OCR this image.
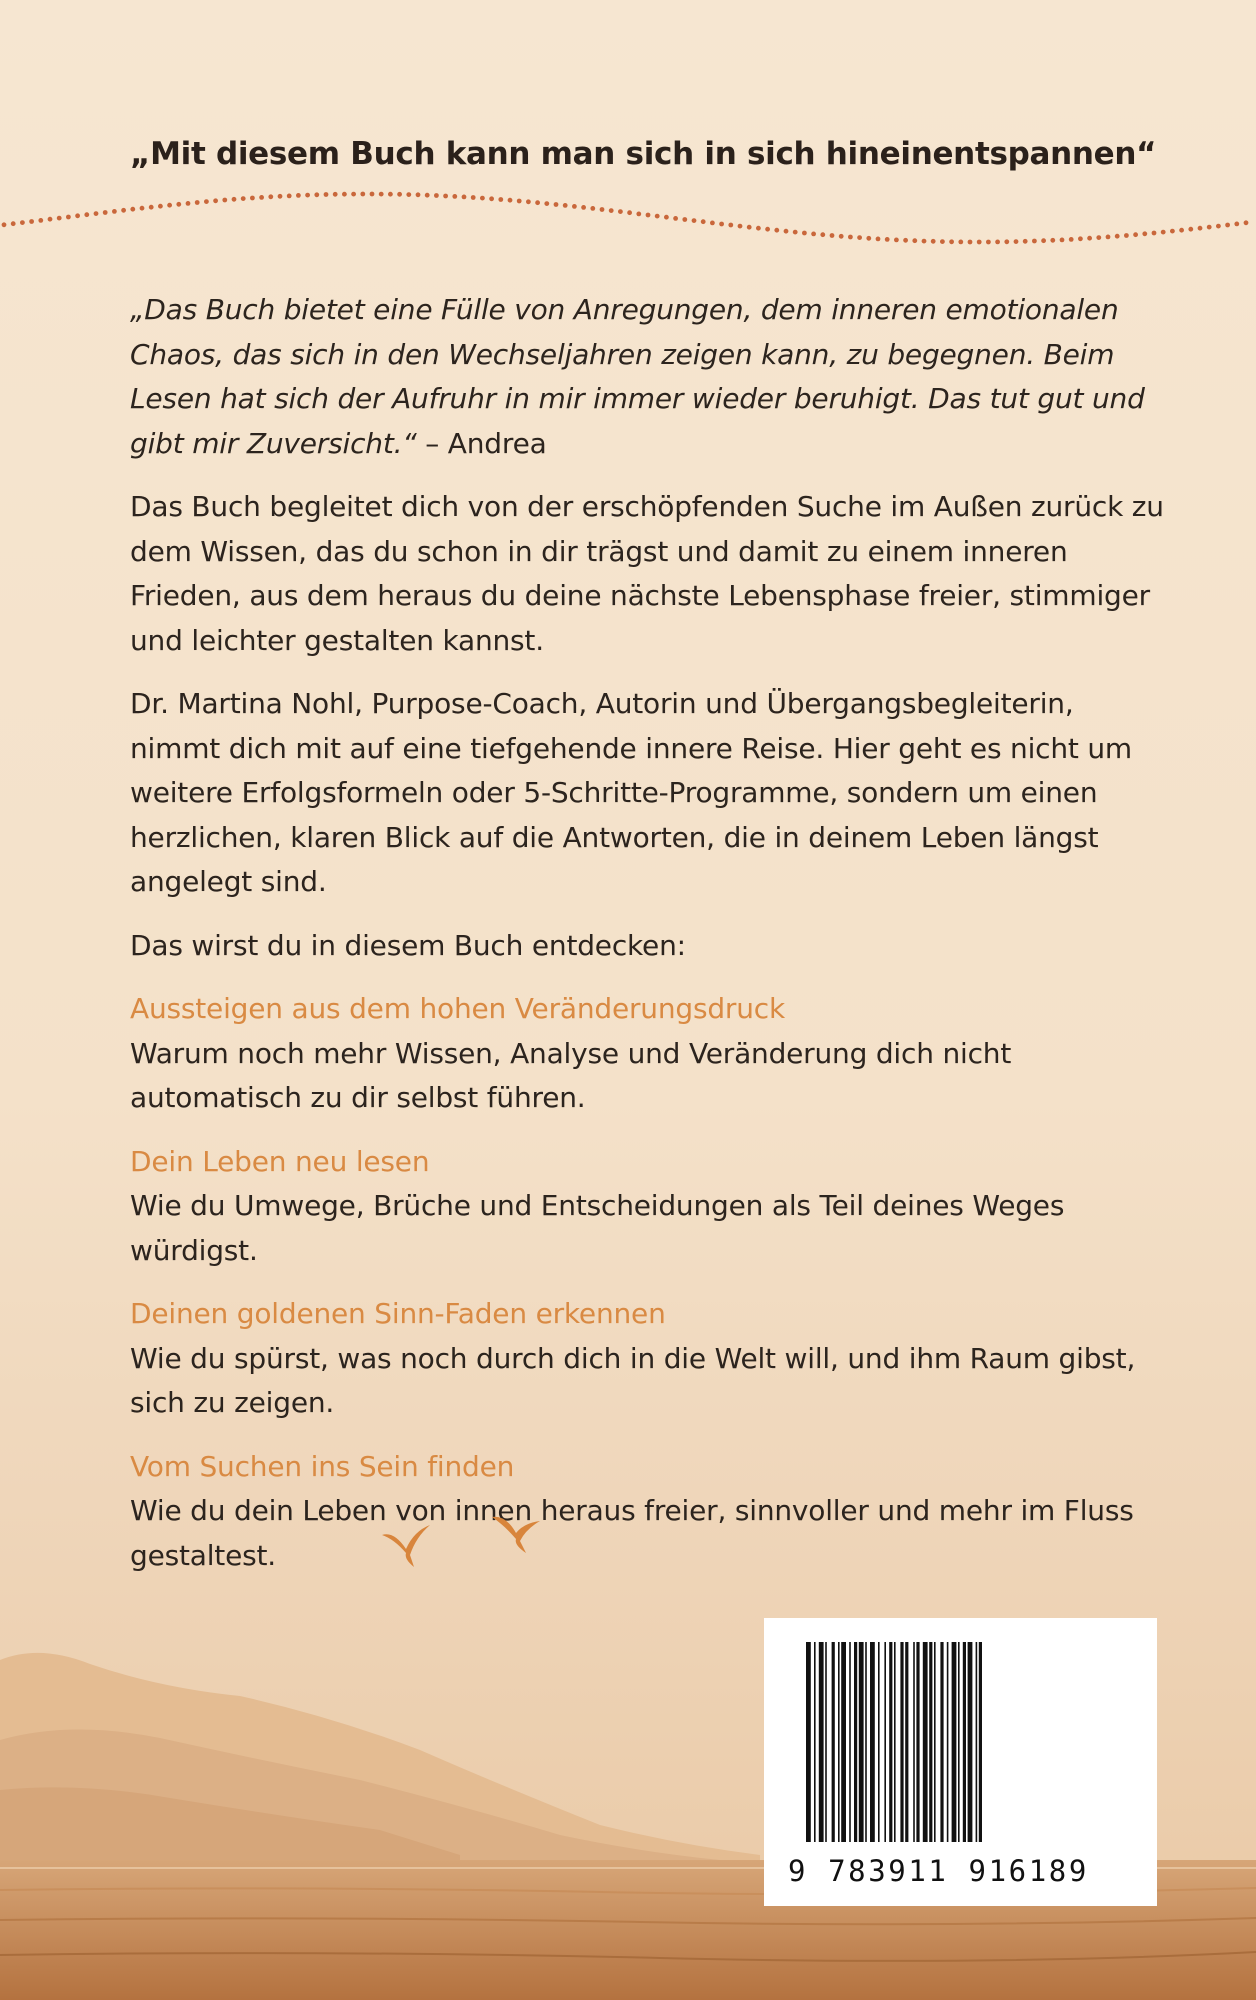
„Mit diesem Buch kann man sich in sich hineinentspannen“

„Das Buch bietet eine Fülle von Anregungen, dem inneren emotionalen Chaos, das sich in den Wechseljahren zeigen kann, zu begegnen. Beim Lesen hat sich der Aufruhr in mir immer wieder beruhigt. Das tut gut und gibt mir Zuversicht.“ – Andrea

Das Buch begleitet dich von der erschöpfenden Suche im Außen zurück zu dem Wissen, das du schon in dir trägst und damit zu einem inneren Frieden, aus dem heraus du deine nächste Lebensphase freier, stimmiger und leichter gestalten kannst.

Dr. Martina Nohl, Purpose-Coach, Autorin und Übergangsbegleiterin, nimmt dich mit auf eine tiefgehende innere Reise. Hier geht es nicht um weitere Erfolgsformeln oder 5-Schritte-Programme, sondern um einen herzlichen, klaren Blick auf die Antworten, die in deinem Leben längst angelegt sind.

Das wirst du in diesem Buch entdecken:

Aussteigen aus dem hohen Veränderungsdruck

Warum noch mehr Wissen, Analyse und Veränderung dich nicht automatisch zu dir selbst führen.

Dein Leben neu lesen

Wie du Umwege, Brüche und Entscheidungen als Teil deines Weges würdigst.

Deinen goldenen Sinn-Faden erkennen

Wie du spürst, was noch durch dich in die Welt will, und ihm Raum gibst, sich zu zeigen.

Vom Suchen ins Sein finden

Wie du dein Leben von innen heraus freier, sinnvoller und mehr im Fluss gestaltest.

9 783911 916189
